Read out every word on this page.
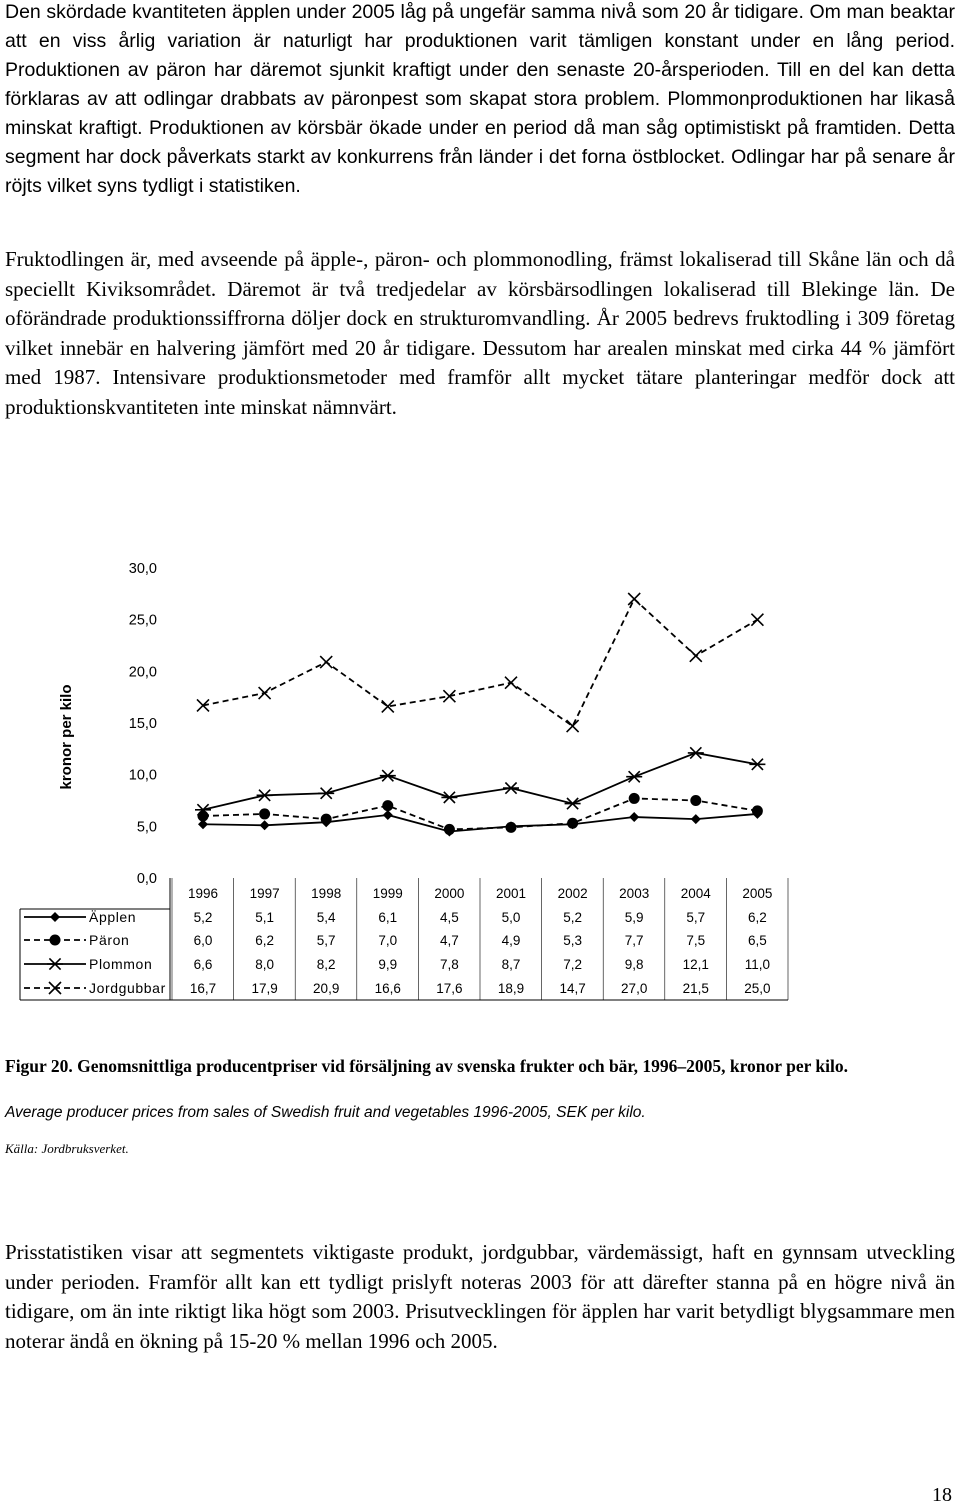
Den skördade kvantiteten äpplen under 2005 låg på ungefär samma nivå som 20 år tidigare. Om man beaktar att en viss årlig variation är naturligt har produktionen varit tämligen konstant under en lång period. Produktionen av päron har däremot sjunkit kraftigt under den senaste 20-årsperioden. Till en del kan detta förklaras av att odlingar drabbats av päronpest som skapat stora problem. Plommonproduktionen har likaså minskat kraftigt. Produktionen av körsbär ökade under en period då man såg optimistiskt på framtiden. Detta segment har dock påverkats starkt av konkurrens från länder i det forna östblocket. Odlingar har på senare år röjts vilket syns tydligt i statistiken.

Fruktodlingen är, med avseende på äpple-, päron- och plommonodling, främst lokaliserad till Skåne län och då speciellt Kiviksområdet. Däremot är två tredjedelar av körsbärsodlingen lokaliserad till Blekinge län. De oförändrade produktionssiffrorna döljer dock en strukturomvandling. År 2005 bedrevs fruktodling i 309 företag vilket innebär en halvering jämfört med 20 år tidigare. Dessutom har arealen minskat med cirka 44 % jämfört med 1987. Intensivare produktionsmetoder med framför allt mycket tätare planteringar medför dock att produktionskvantiteten inte minskat nämnvärt.

0,0
5,0
10,0
15,0
20,0
25,0
30,0
kronor per kilo
1996 1997 1998 1999 2000 2001 2002 2003 2004 2005
Äpplen	5,2	5,1	5,4	6,1	4,5	5,0	5,2	5,9	5,7	6,2
Päron	6,0	6,2	5,7	7,0	4,7	4,9	5,3	7,7	7,5	6,5
Plommon	6,6	8,0	8,2	9,9	7,8	8,7	7,2	9,8	12,1	11,0
Jordgubbar 16,7	17,9	20,9	16,6	17,6	18,9	14,7	27,0	21,5	25,0
Figur 20. Genomsnittliga producentpriser vid försäljning av svenska frukter och bär, 1996–2005, kronor per kilo.
Average producer prices from sales of Swedish fruit and vegetables 1996-2005, SEK per kilo.
Källa: Jordbruksverket.

Prisstatistiken visar att segmentets viktigaste produkt, jordgubbar, värdemässigt, haft en gynnsam utveckling under perioden. Framför allt kan ett tydligt prislyft noteras 2003 för att därefter stanna på en högre nivå än tidigare, om än inte riktigt lika högt som 2003. Prisutvecklingen för äpplen har varit betydligt blygsammare men noterar ändå en ökning på 15-20 % mellan 1996 och 2005.

18
